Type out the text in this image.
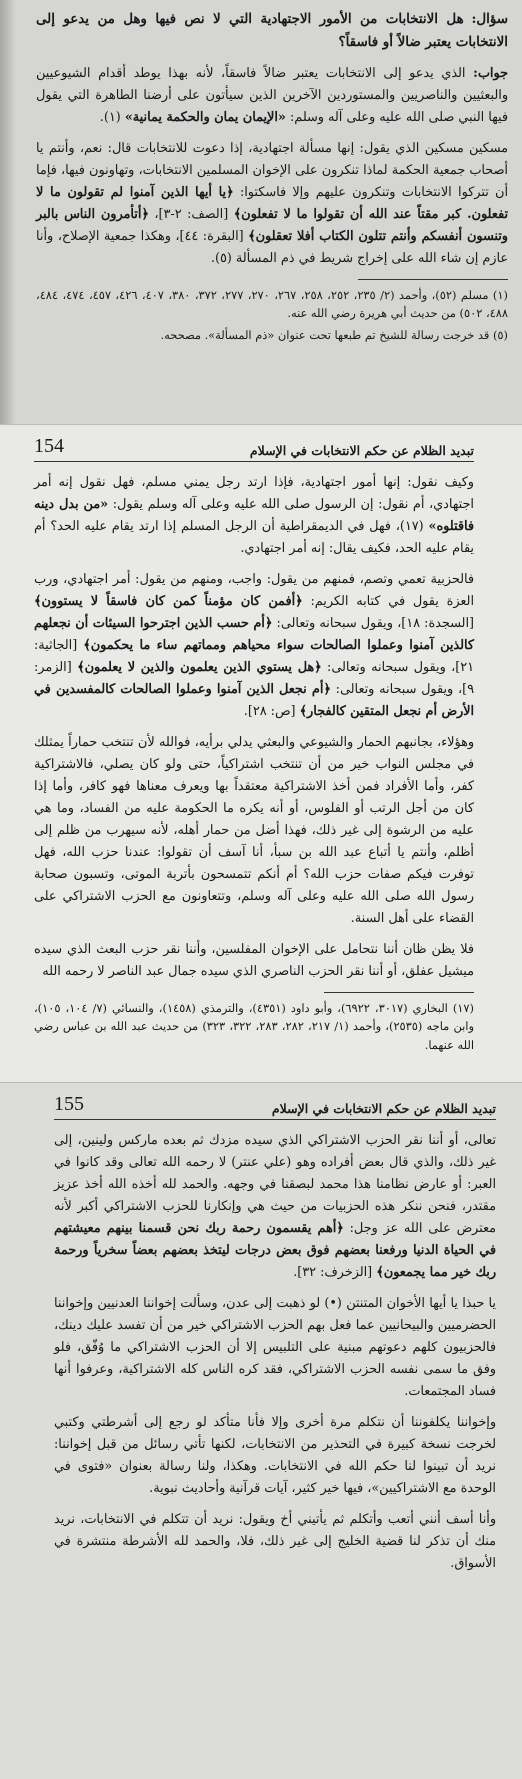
سؤال: هل الانتخابات من الأمور الاجتهادية التي لا نص فيها وهل من يدعو إلى الانتخابات يعتبر ضالاً أو فاسقاً؟

جواب: الذي يدعو إلى الانتخابات يعتبر ضالاً فاسقاً، لأنه بهذا يوطد أقدام الشيوعيين والبعثيين والناصريين والمستوردين الآخرين الذين سيأتون على أرضنا الطاهرة التي يقول فيها النبي صلى الله عليه وعلى آله وسلم: «الإيمان يمان والحكمة يمانية» (١).

مسكين مسكين الذي يقول: إنها مسألة اجتهادية، إذا دعوت للانتخابات قال: نعم، وأنتم يا أصحاب جمعية الحكمة لماذا تنكرون على الإخوان المسلمين الانتخابات، وتهاونون فيها، فإما أن تتركوا الانتخابات وتنكرون عليهم وإلا فاسكتوا: ﴿يا أيها الذين آمنوا لم تقولون ما لا تفعلون. كبر مقتاً عند الله أن تقولوا ما لا تفعلون﴾ [الصف: ٢-٣]، ﴿أتأمرون الناس بالبر وتنسون أنفسكم وأنتم تتلون الكتاب أفلا تعقلون﴾ [البقرة: ٤٤]، وهكذا جمعية الإصلاح، وأنا عازم إن شاء الله على إخراج شريط في ذم المسألة (٥).

(١) مسلم (٥٢)، وأحمد (٢/ ٢٣٥، ٢٥٢، ٢٥٨، ٢٦٧، ٢٧٠، ٢٧٧، ٣٧٢، ٣٨٠، ٤٠٧، ٤٢٦، ٤٥٧، ٤٧٤، ٤٨٤، ٤٨٨، ٥٠٢) من حديث أبي هريرة رضي الله عنه.

(٥) قد خرجت رسالة للشيخ تم طبعها تحت عنوان «ذم المسألة». مصححه.

تبديد الظلام عن حكم الانتخابات في الإسلام
154

وكيف نقول: إنها أمور اجتهادية، فإذا ارتد رجل يمني مسلم، فهل نقول إنه أمر اجتهادي، أم نقول: إن الرسول صلى الله عليه وعلى آله وسلم يقول: «من بدل دينه فاقتلوه» (١٧)، فهل في الديمقراطية أن الرجل المسلم إذا ارتد يقام عليه الحد؟ أم يقام عليه الحد، فكيف يقال: إنه أمر اجتهادي.

فالحزبية تعمي وتصم، فمنهم من يقول: واجب، ومنهم من يقول: أمر اجتهادي، ورب العزة يقول في كتابه الكريم: ﴿أفمن كان مؤمناً كمن كان فاسقاً لا يستوون﴾ [السجدة: ١٨]، ويقول سبحانه وتعالى: ﴿أم حسب الذين اجترحوا السيئات أن نجعلهم كالذين آمنوا وعملوا الصالحات سواء محياهم ومماتهم ساء ما يحكمون﴾ [الجاثية: ٢١]، ويقول سبحانه وتعالى: ﴿هل يستوي الذين يعلمون والذين لا يعلمون﴾ [الزمر: ٩]، ويقول سبحانه وتعالى: ﴿أم نجعل الذين آمنوا وعملوا الصالحات كالمفسدين في الأرض أم نجعل المتقين كالفجار﴾ [ص: ٢٨].

وهؤلاء، بجانبهم الحمار والشيوعي والبعثي يدلي برأيه، فوالله لأن تنتخب حماراً يمثلك في مجلس النواب خير من أن تنتخب اشتراكياً، حتى ولو كان يصلي، فالاشتراكية كفر، وأما الأفراد فمن أخذ الاشتراكية معتقداً بها ويعرف معناها فهو كافر، وأما إذا كان من أجل الرتب أو الفلوس، أو أنه يكره ما الحكومة عليه من الفساد، وما هي عليه من الرشوة إلى غير ذلك، فهذا أضل من حمار أهله، لأنه سيهرب من ظلم إلى أظلم، وأنتم يا أتباع عبد الله بن سبأ، أنا آسف أن تقولوا: عندنا حزب الله، فهل توفرت فيكم صفات حزب الله؟ أم أنكم تتمسحون بأتربة الموتى، وتسبون صحابة رسول الله صلى الله عليه وعلى آله وسلم، وتتعاونون مع الحزب الاشتراكي على القضاء على أهل السنة.

فلا يظن ظان أننا نتحامل على الإخوان المفلسين، وأننا نقر حزب البعث الذي سيده ميشيل عفلق، أو أننا نقر الحزب الناصري الذي سيده جمال عبد الناصر لا رحمه الله

(١٧) البخاري (٣٠١٧، ٦٩٢٢)، وأبو داود (٤٣٥١)، والترمذي (١٤٥٨)، والنسائي (٧/ ١٠٤، ١٠٥)، وابن ماجه (٢٥٣٥)، وأحمد (١/ ٢١٧، ٢٨٢، ٢٨٣، ٣٢٢، ٣٢٣) من حديث عبد الله بن عباس رضي الله عنهما.

تبديد الظلام عن حكم الانتخابات في الإسلام
155

تعالى، أو أننا نقر الحزب الاشتراكي الذي سيده مزدك ثم بعده ماركس ولينين، إلى غير ذلك، والذي قال بعض أفراده وهو (علي عنتر) لا رحمه الله تعالى وقد كانوا في العبر: أو عارض نظامنا هذا محمد لبصقنا في وجهه. والحمد لله أخذه الله أخذ عزيز مقتدر، فنحن ننكر هذه الحزبيات من حيث هي وإنكارنا للحزب الاشتراكي أكبر لأنه معترض على الله عز وجل: ﴿أهم يقسمون رحمة ربك نحن قسمنا بينهم معيشتهم في الحياة الدنيا ورفعنا بعضهم فوق بعض درجات ليتخذ بعضهم بعضاً سخرياً ورحمة ربك خير مما يجمعون﴾ [الزخرف: ٣٢].

يا حبذا يا أيها الأخوان المتنتن (•) لو ذهبت إلى عدن، وسألت إخواننا العدنيين وإخواننا الحضرميين والبيحانيين عما فعل بهم الحزب الاشتراكي خير من أن تفسد عليك دينك، فالحزبيون كلهم دعوتهم مبنية على التلبيس إلا أن الحزب الاشتراكي ما وُفّق، فلو وفق ما سمى نفسه الحزب الاشتراكي، فقد كره الناس كله الاشتراكية، وعرفوا أنها فساد المجتمعات.

وإخواننا يكلفوننا أن نتكلم مرة أخرى وإلا فأنا متأكد لو رجع إلى أشرطتي وكتبي لخرجت نسخة كبيرة في التحذير من الانتخابات، لكنها تأتي رسائل من قبل إخواننا: نريد أن تبينوا لنا حكم الله في الانتخابات. وهكذا، ولنا رسالة بعنوان «فتوى في الوحدة مع الاشتراكيين»، فيها خير كثير، آيات قرآنية وأحاديث نبوية.

وأنا أسف أنني أتعب وأتكلم ثم يأتيني أخ ويقول: نريد أن تتكلم في الانتخابات، نريد منك أن تذكر لنا قضية الخليج إلى غير ذلك، فلا، والحمد لله الأشرطة منتشرة في الأسواق.
